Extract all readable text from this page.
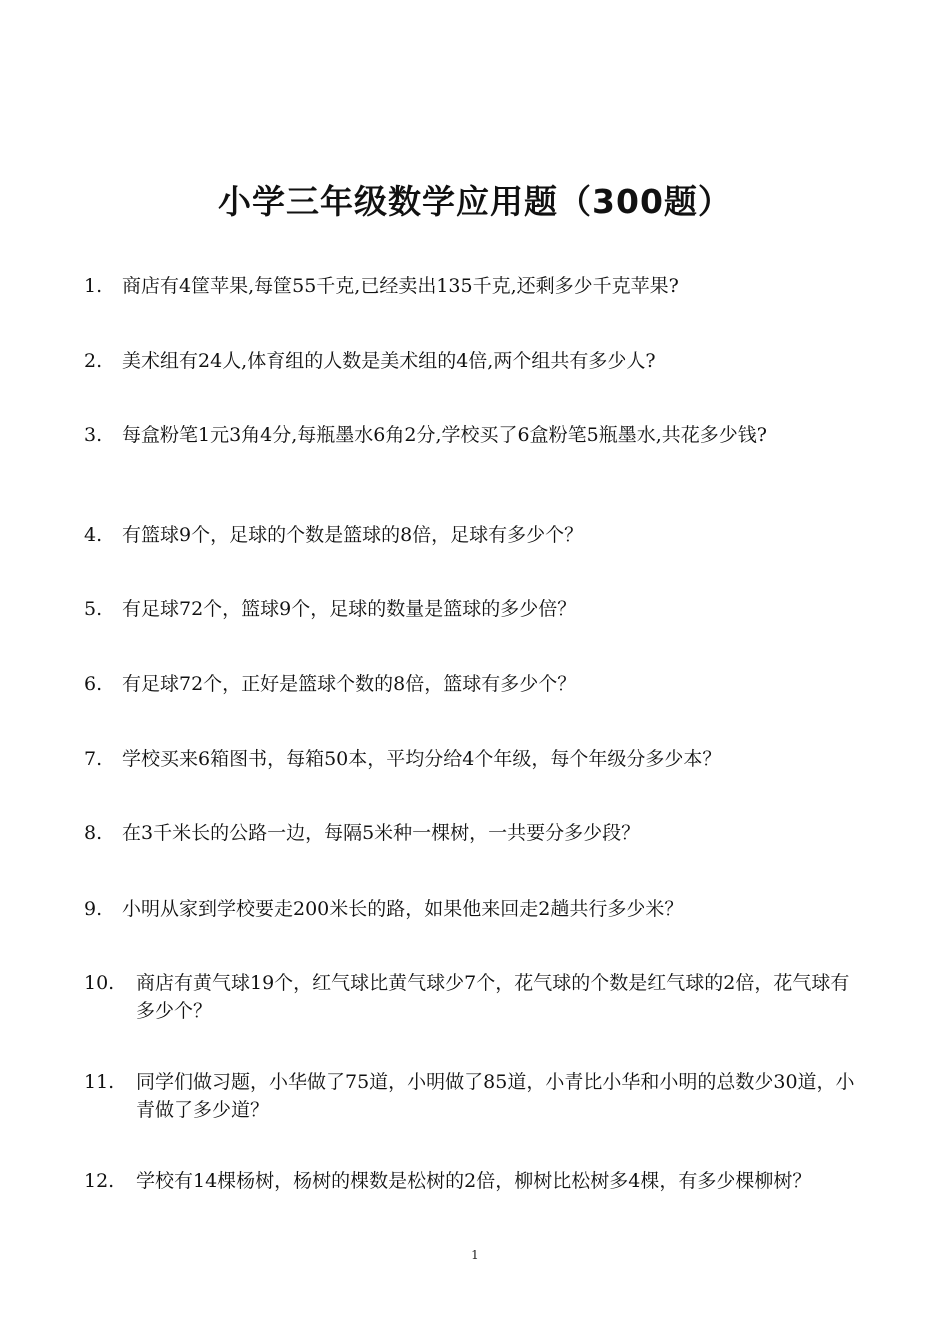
小学三年级数学应用题（300题）
1. 商店有4筐苹果,每筐55千克,已经卖出135千克,还剩多少千克苹果?
2. 美术组有24人,体育组的人数是美术组的4倍,两个组共有多少人?
3. 每盒粉笔1元3角4分,每瓶墨水6角2分,学校买了6盒粉笔5瓶墨水,共花多少钱?
4. 有篮球9个，足球的个数是篮球的8倍，足球有多少个？
5. 有足球72个，篮球9个，足球的数量是篮球的多少倍？
6. 有足球72个，正好是篮球个数的8倍，篮球有多少个？
7. 学校买来6箱图书，每箱50本，平均分给4个年级，每个年级分多少本？
8. 在3千米长的公路一边，每隔5米种一棵树，一共要分多少段？
9. 小明从家到学校要走200米长的路，如果他来回走2趟共行多少米？
10. 商店有黄气球19个，红气球比黄气球少7个，花气球的个数是红气球的2倍，花气球有多少个？
11. 同学们做习题，小华做了75道，小明做了85道，小青比小华和小明的总数少30道，小青做了多少道？
12. 学校有14棵杨树，杨树的棵数是松树的2倍，柳树比松树多4棵，有多少棵柳树？
1
